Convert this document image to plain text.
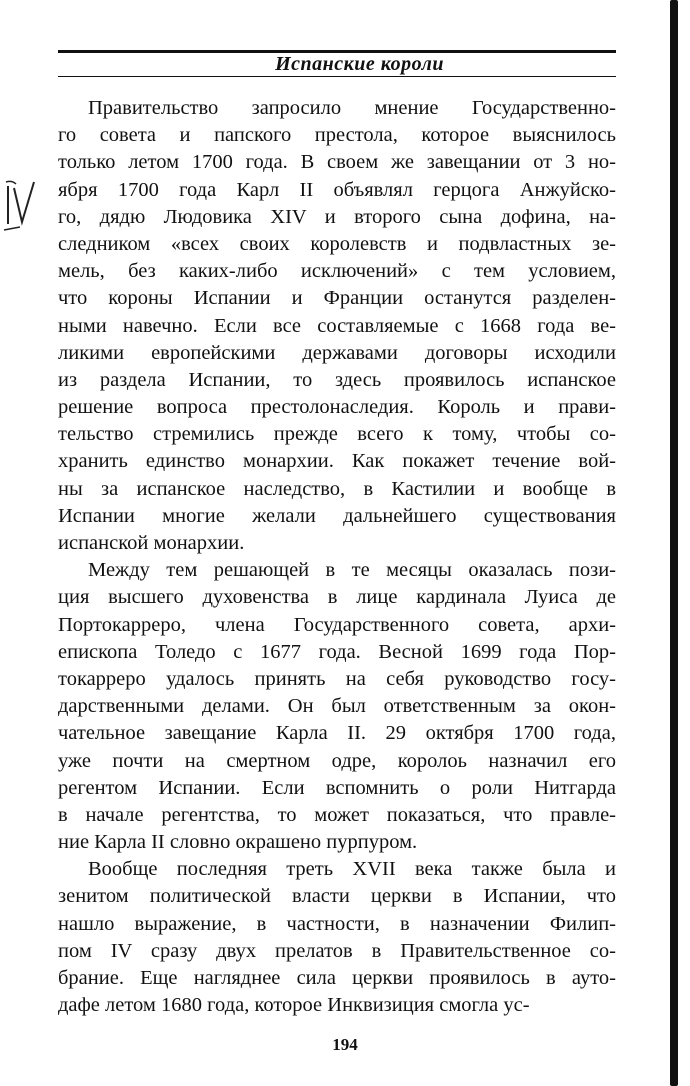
Испанские короли
Правительство запросило мнение Государственно-
го совета и папского престола, которое выяснилось
только летом 1700 года. В своем же завещании от 3 но-
ября 1700 года Карл II объявлял герцога Анжуйско-
го, дядю Людовика XIV и второго сына дофина, на-
следником «всех своих королевств и подвластных зе-
мель, без каких-либо исключений» с тем условием,
что короны Испании и Франции останутся разделен-
ными навечно. Если все составляемые с 1668 года ве-
ликими европейскими державами договоры исходили
из раздела Испании, то здесь проявилось испанское
решение вопроса престолонаследия. Король и прави-
тельство стремились прежде всего к тому, чтобы со-
хранить единство монархии. Как покажет течение вой-
ны за испанское наследство, в Кастилии и вообще в
Испании многие желали дальнейшего существования
испанской монархии.
Между тем решающей в те месяцы оказалась пози-
ция высшего духовенства в лице кардинала Луиса де
Портокарреро, члена Государственного совета, архи-
епископа Толедо с 1677 года. Весной 1699 года Пор-
токарреро удалось принять на себя руководство госу-
дарственными делами. Он был ответственным за окон-
чательное завещание Карла II. 29 октября 1700 года,
уже почти на смертном одре, королоь назначил его
регентом Испании. Если вспомнить о роли Нитгарда
в начале регентства, то может показаться, что правле-
ние Карла II словно окрашено пурпуром.
Вообще последняя треть XVII века также была и
зенитом политической власти церкви в Испании, что
нашло выражение, в частности, в назначении Филип-
пом IV сразу двух прелатов в Правительственное со-
брание. Еще нагляднее сила церкви проявилось в ауто-
дафе летом 1680 года, которое Инквизиция смогла ус-
194
